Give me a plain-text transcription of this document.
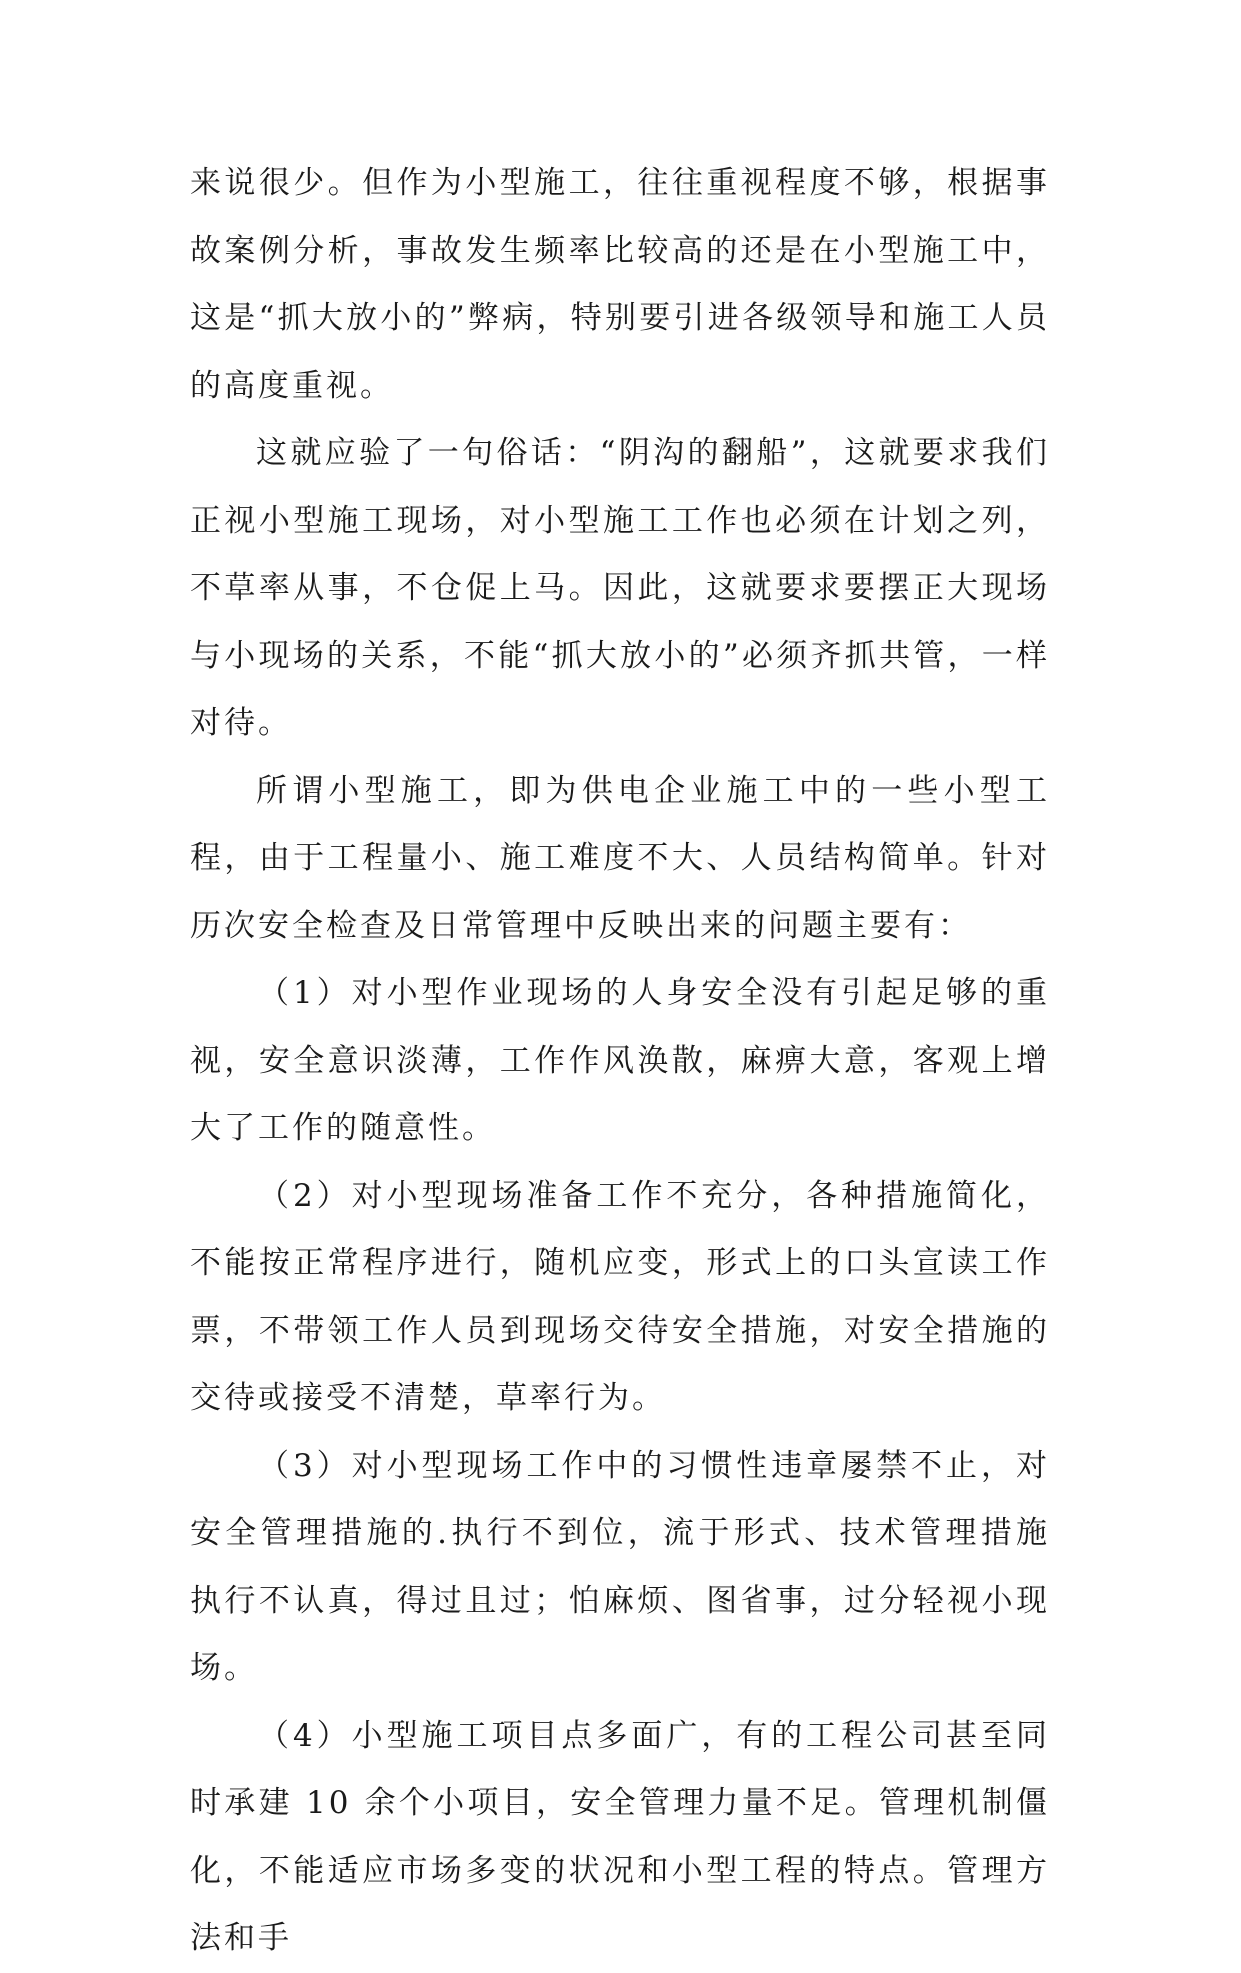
来说很少。但作为小型施工，往往重视程度不够，根据事故案例分析，事故发生频率比较高的还是在小型施工中，这是“抓大放小的”弊病，特别要引进各级领导和施工人员的高度重视。

这就应验了一句俗话：“阴沟的翻船”，这就要求我们正视小型施工现场，对小型施工工作也必须在计划之列，不草率从事，不仓促上马。因此，这就要求要摆正大现场与小现场的关系，不能“抓大放小的”必须齐抓共管，一样对待。

所谓小型施工，即为供电企业施工中的一些小型工程，由于工程量小、施工难度不大、人员结构简单。针对历次安全检查及日常管理中反映出来的问题主要有：

（1）对小型作业现场的人身安全没有引起足够的重视，安全意识淡薄，工作作风涣散，麻痹大意，客观上增大了工作的随意性。

（2）对小型现场准备工作不充分，各种措施简化，不能按正常程序进行，随机应变，形式上的口头宣读工作票，不带领工作人员到现场交待安全措施，对安全措施的交待或接受不清楚，草率行为。

（3）对小型现场工作中的习惯性违章屡禁不止，对安全管理措施的.执行不到位，流于形式、技术管理措施执行不认真，得过且过；怕麻烦、图省事，过分轻视小现场。

（4）小型施工项目点多面广，有的工程公司甚至同时承建 10 余个小项目，安全管理力量不足。管理机制僵化，不能适应市场多变的状况和小型工程的特点。管理方法和手
